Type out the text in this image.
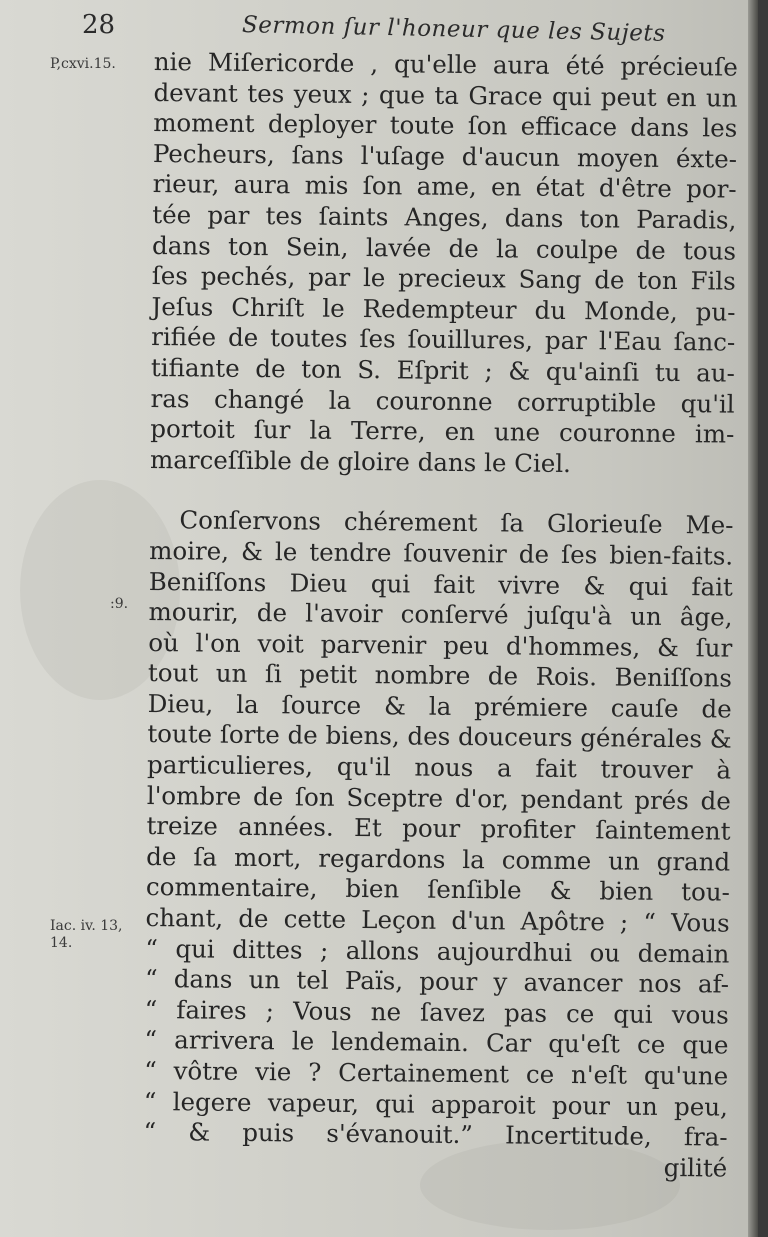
28	Sermon ſur l'honeur que les Sujets
P,cxvi.15.
:9.
Iac. iv. 13,
14.
nie Miſericorde , qu'elle aura été précieuſe
devant tes yeux ; que ta Grace qui peut en un
moment deployer toute ſon efficace dans les
Pecheurs, ſans l'uſage d'aucun moyen éxte-
rieur, aura mis ſon ame, en état d'être por-
tée par tes ſaints Anges, dans ton Paradis,
dans ton Sein, lavée de la coulpe de tous
ſes pechés, par le precieux Sang de ton Fils
Jeſus Chriſt le Redempteur du Monde, pu-
rifiée de toutes ſes ſouillures, par l'Eau ſanc-
tifiante de ton S. Eſprit ; & qu'ainſi tu au-
ras changé la couronne corruptible qu'il
portoit ſur la Terre, en une couronne im-
marceſſible de gloire dans le Ciel.
Conſervons chérement ſa Glorieuſe Me-
moire, & le tendre ſouvenir de ſes bien-faits.
Beniſſons Dieu qui fait vivre & qui fait
mourir, de l'avoir conſervé juſqu'à un âge,
où l'on voit parvenir peu d'hommes, & ſur
tout un ſi petit nombre de Rois. Beniſſons
Dieu, la ſource & la prémiere cauſe de
toute ſorte de biens, des douceurs générales &
particulieres, qu'il nous a fait trouver à
l'ombre de ſon Sceptre d'or, pendant prés de
treize années. Et pour profiter ſaintement
de ſa mort, regardons la comme un grand
commentaire, bien ſenſible & bien tou-
chant, de cette Leçon d'un Apôtre ; “ Vous
“ qui dittes ; allons aujourdhui ou demain
“ dans un tel Païs, pour y avancer nos af-
“ faires ; Vous ne ſavez pas ce qui vous
“ arrivera le lendemain. Car qu'eſt ce que
“ vôtre vie ? Certainement ce n'eſt qu'une
“ legere vapeur, qui apparoit pour un peu,
“ & puis s'évanouit.” Incertitude, fra-
gilité
